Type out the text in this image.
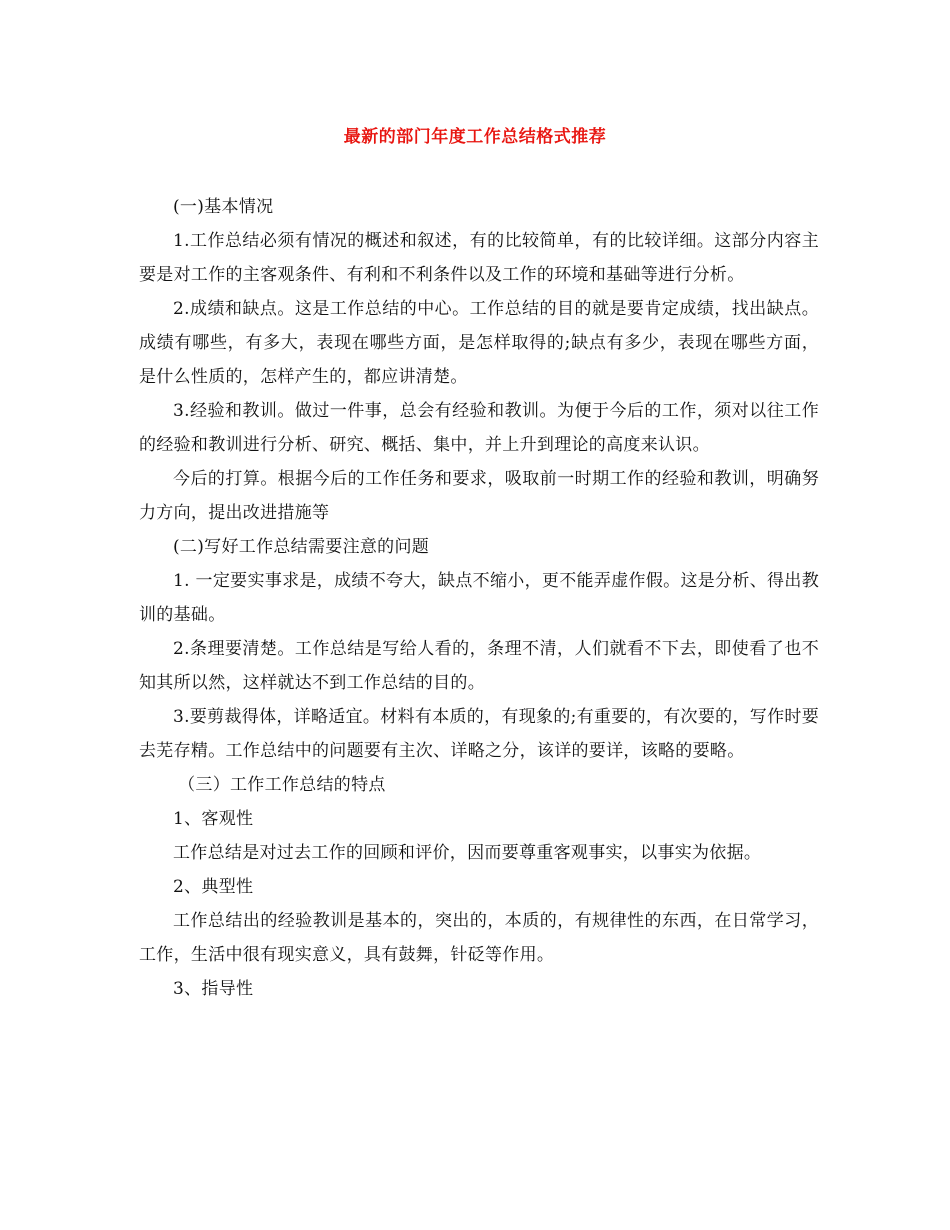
最新的部门年度工作总结格式推荐

(一)基本情况

1.工作总结必须有情况的概述和叙述，有的比较简单，有的比较详细。这部分内容主要是对工作的主客观条件、有利和不利条件以及工作的环境和基础等进行分析。

2.成绩和缺点。这是工作总结的中心。工作总结的目的就是要肯定成绩，找出缺点。成绩有哪些，有多大，表现在哪些方面，是怎样取得的;缺点有多少，表现在哪些方面，是什么性质的，怎样产生的，都应讲清楚。

3.经验和教训。做过一件事，总会有经验和教训。为便于今后的工作，须对以往工作的经验和教训进行分析、研究、概括、集中，并上升到理论的高度来认识。

今后的打算。根据今后的工作任务和要求，吸取前一时期工作的经验和教训，明确努力方向，提出改进措施等

(二)写好工作总结需要注意的问题

1. 一定要实事求是，成绩不夸大，缺点不缩小，更不能弄虚作假。这是分析、得出教训的基础。

2.条理要清楚。工作总结是写给人看的，条理不清，人们就看不下去，即使看了也不知其所以然，这样就达不到工作总结的目的。

3.要剪裁得体，详略适宜。材料有本质的，有现象的;有重要的，有次要的，写作时要去芜存精。工作总结中的问题要有主次、详略之分，该详的要详，该略的要略。

（三）工作工作总结的特点

1、客观性

工作总结是对过去工作的回顾和评价，因而要尊重客观事实，以事实为依据。

2、典型性

工作总结出的经验教训是基本的，突出的，本质的，有规律性的东西，在日常学习，工作，生活中很有现实意义，具有鼓舞，针砭等作用。

3、指导性
